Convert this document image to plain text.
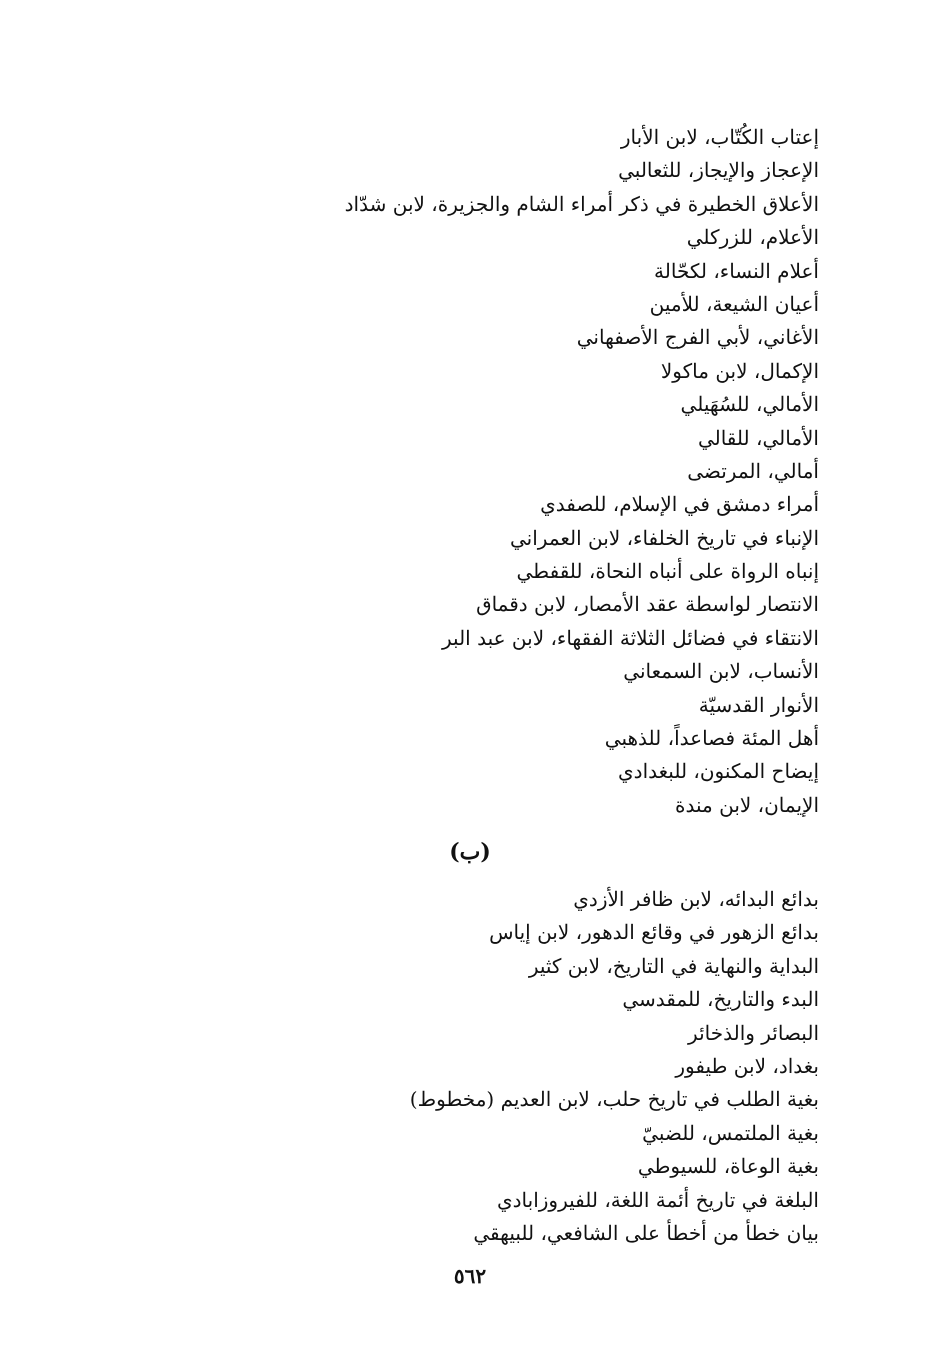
إعتاب الكُتّاب، لابن الأبار
الإعجاز والإيجاز، للثعالبي
الأعلاق الخطيرة في ذكر أمراء الشام والجزيرة، لابن شدّاد
الأعلام، للزركلي
أعلام النساء، لكحّالة
أعيان الشيعة، للأمين
الأغاني، لأبي الفرج الأصفهاني
الإكمال، لابن ماكولا
الأمالي، للسُهَيلي
الأمالي، للقالي
أمالي، المرتضى
أمراء دمشق في الإسلام، للصفدي
الإنباء في تاريخ الخلفاء، لابن العمراني
إنباه الرواة على أنباه النحاة، للقفطي
الانتصار لواسطة عقد الأمصار، لابن دقماق
الانتقاء في فضائل الثلاثة الفقهاء، لابن عبد البر
الأنساب، لابن السمعاني
الأنوار القدسيّة
أهل المئة فصاعداً، للذهبي
إيضاح المكنون، للبغدادي
الإيمان، لابن مندة
(ب)
بدائع البدائه، لابن ظافر الأزدي
بدائع الزهور في وقائع الدهور، لابن إياس
البداية والنهاية في التاريخ، لابن كثير
البدء والتاريخ، للمقدسي
البصائر والذخائر
بغداد، لابن طيفور
بغية الطلب في تاريخ حلب، لابن العديم (مخطوط)
بغية الملتمس، للضبيّ
بغية الوعاة، للسيوطي
البلغة في تاريخ أئمة اللغة، للفيروزابادي
بيان خطأ من أخطأ على الشافعي، للبيهقي
٥٦٢
